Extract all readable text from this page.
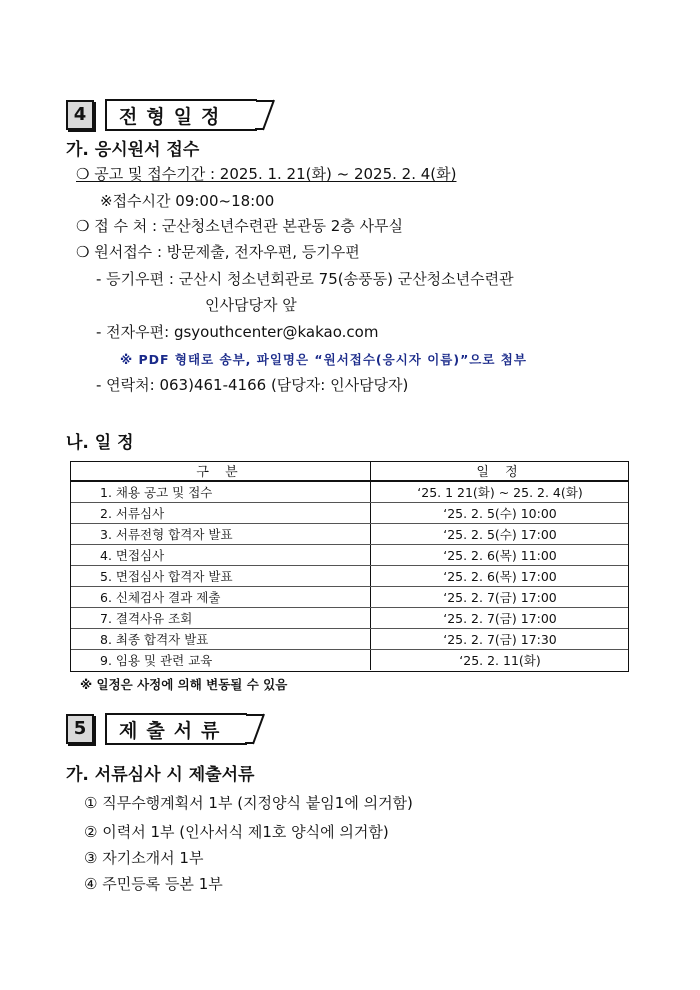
4	전형일정
가. 응시원서 접수
❍ 공고 및 접수기간 : 2025. 1. 21(화) ~ 2025. 2. 4(화)
※접수시간 09:00~18:00
❍ 접 수 처 : 군산청소년수련관 본관동 2층 사무실
❍ 원서접수 : 방문제출, 전자우편, 등기우편
- 등기우편 : 군산시 청소년회관로 75(송풍동) 군산청소년수련관
인사담당자 앞
- 전자우편: gsyouthcenter@kakao.com
※ PDF 형태로 송부, 파일명은 “원서접수(응시자 이름)”으로 첨부
- 연락처: 063)461-4166 (담당자: 인사담당자)
나. 일 정
구 분	일 정
1. 채용 공고 및 접수	‘25. 1 21(화) ~ 25. 2. 4(화)
2. 서류심사	‘25. 2. 5(수) 10:00
3. 서류전형 합격자 발표	‘25. 2. 5(수) 17:00
4. 면접심사	‘25. 2. 6(목) 11:00
5. 면접심사 합격자 발표	‘25. 2. 6(목) 17:00
6. 신체검사 결과 제출	‘25. 2. 7(금) 17:00
7. 결격사유 조회	‘25. 2. 7(금) 17:00
8. 최종 합격자 발표	‘25. 2. 7(금) 17:30
9. 임용 및 관련 교육	‘25. 2. 11(화)
※ 일정은 사정에 의해 변동될 수 있음
5	제출서류
가. 서류심사 시 제출서류
① 직무수행계획서 1부 (지정양식 붙임1에 의거함)
② 이력서 1부 (인사서식 제1호 양식에 의거함)
③ 자기소개서 1부
④ 주민등록 등본 1부
